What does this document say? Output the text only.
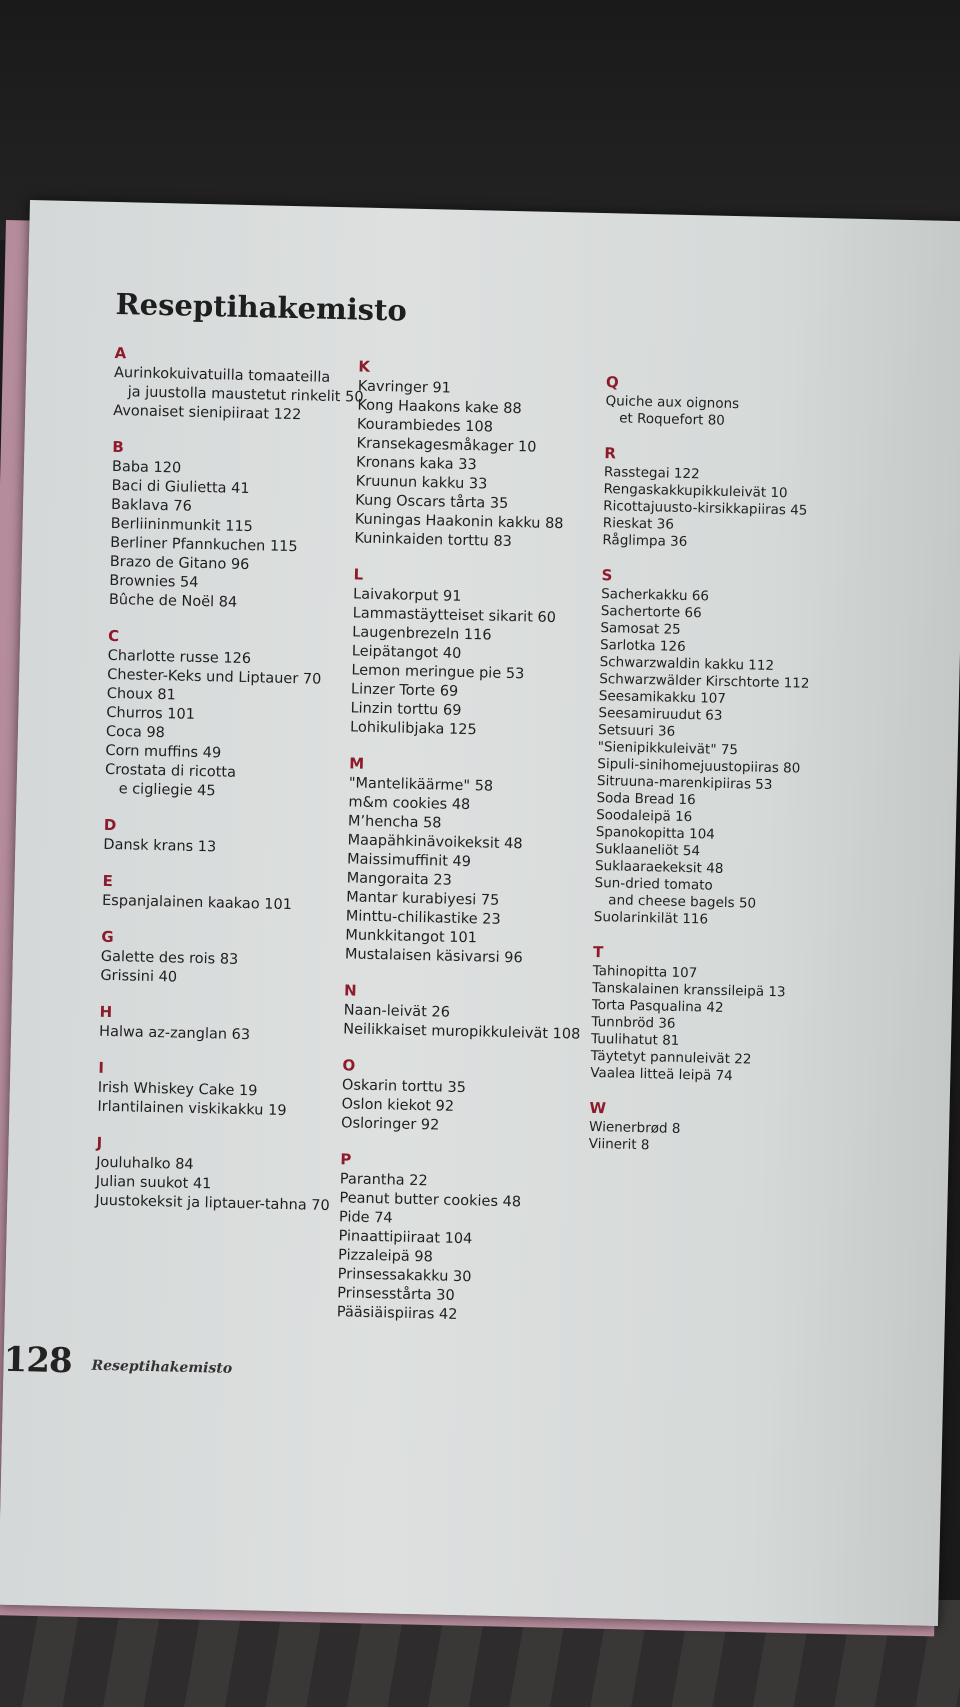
Reseptihakemisto
A
Aurinkokuivatuilla tomaateilla
ja juustolla maustetut rinkelit 50
Avonaiset sienipiiraat 122
B
Baba 120
Baci di Giulietta 41
Baklava 76
Berliininmunkit 115
Berliner Pfannkuchen 115
Brazo de Gitano 96
Brownies 54
Bûche de Noël 84
C
Charlotte russe 126
Chester-Keks und Liptauer 70
Choux 81
Churros 101
Coca 98
Corn muffins 49
Crostata di ricotta
e cigliegie 45
D
Dansk krans 13
E
Espanjalainen kaakao 101
G
Galette des rois 83
Grissini 40
H
Halwa az-zanglan 63
I
Irish Whiskey Cake 19
Irlantilainen viskikakku 19
J
Jouluhalko 84
Julian suukot 41
Juustokeksit ja liptauer-tahna 70
K
Kavringer 91
Kong Haakons kake 88
Kourambiedes 108
Kransekagesmåkager 10
Kronans kaka 33
Kruunun kakku 33
Kung Oscars tårta 35
Kuningas Haakonin kakku 88
Kuninkaiden torttu 83
L
Laivakorput 91
Lammastäytteiset sikarit 60
Laugenbrezeln 116
Leipätangot 40
Lemon meringue pie 53
Linzer Torte 69
Linzin torttu 69
Lohikulibjaka 125
M
"Mantelikäärme" 58
m&m cookies 48
M’hencha 58
Maapähkinävoikeksit 48
Maissimuffinit 49
Mangoraita 23
Mantar kurabiyesi 75
Minttu-chilikastike 23
Munkkitangot 101
Mustalaisen käsivarsi 96
N
Naan-leivät 26
Neilikkaiset muropikkuleivät 108
O
Oskarin torttu 35
Oslon kiekot 92
Osloringer 92
P
Parantha 22
Peanut butter cookies 48
Pide 74
Pinaattipiiraat 104
Pizzaleipä 98
Prinsessakakku 30
Prinsesstårta 30
Pääsiäispiiras 42
Q
Quiche aux oignons
et Roquefort 80
R
Rasstegai 122
Rengaskakkupikkuleivät 10
Ricottajuusto-kirsikkapiiras 45
Rieskat 36
Råglimpa 36
S
Sacherkakku 66
Sachertorte 66
Samosat 25
Sarlotka 126
Schwarzwaldin kakku 112
Schwarzwälder Kirschtorte 112
Seesamikakku 107
Seesamiruudut 63
Setsuuri 36
"Sienipikkuleivät" 75
Sipuli-sinihomejuustopiiras 80
Sitruuna-marenkipiiras 53
Soda Bread 16
Soodaleipä 16
Spanokopitta 104
Suklaaneliöt 54
Suklaaraekeksit 48
Sun-dried tomato
and cheese bagels 50
Suolarinkilät 116
T
Tahinopitta 107
Tanskalainen kranssileipä 13
Torta Pasqualina 42
Tunnbröd 36
Tuulihatut 81
Täytetyt pannuleivät 22
Vaalea litteä leipä 74
W
Wienerbrød 8
Viinerit 8
128 Reseptihakemisto
